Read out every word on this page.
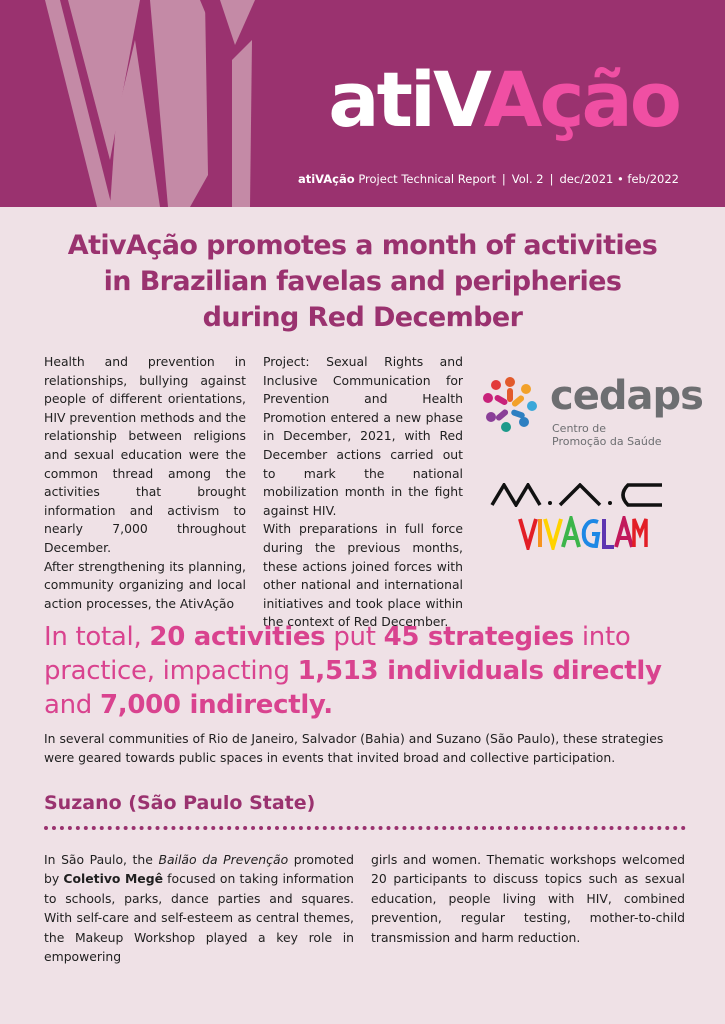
atiVAção
atiVAção Project Technical Report | Vol. 2 | dec/2021 • feb/2022
AtivAção promotes a month of activities
in Brazilian favelas and peripheries
during Red December

Health and prevention in relationships, bullying against people of different orientations, HIV prevention methods and the relationship between religions and sexual education were the common thread among the activities that brought information and activism to nearly 7,000 throughout December.

After strengthening its planning, community organizing and local action processes, the AtivAção

Project: Sexual Rights and Inclusive Communication for Prevention and Health Promotion entered a new phase in December, 2021, with Red December actions carried out to mark the national mobilization month in the fight against HIV.

With preparations in full force during the previous months, these actions joined forces with other national and international initiatives and took place within the context of Red December.

cedaps
Centro de
Promoção da Saúde
In total, 20 activities put 45 strategies into practice, impacting 1,513 individuals directly and 7,000 indirectly.
In several communities of Rio de Janeiro, Salvador (Bahia) and Suzano (São Paulo), these strategies were geared towards public spaces in events that invited broad and collective participation.
Suzano (São Paulo State)
In São Paulo, the Bailão da Prevenção promoted by Coletivo Megê focused on taking information to schools, parks, dance parties and squares. With self-care and self-esteem as central themes, the Makeup Workshop played a key role in empowering
girls and women. Thematic workshops welcomed 20 participants to discuss topics such as sexual education, people living with HIV, combined prevention, regular testing, mother-to-child transmission and harm reduction.
